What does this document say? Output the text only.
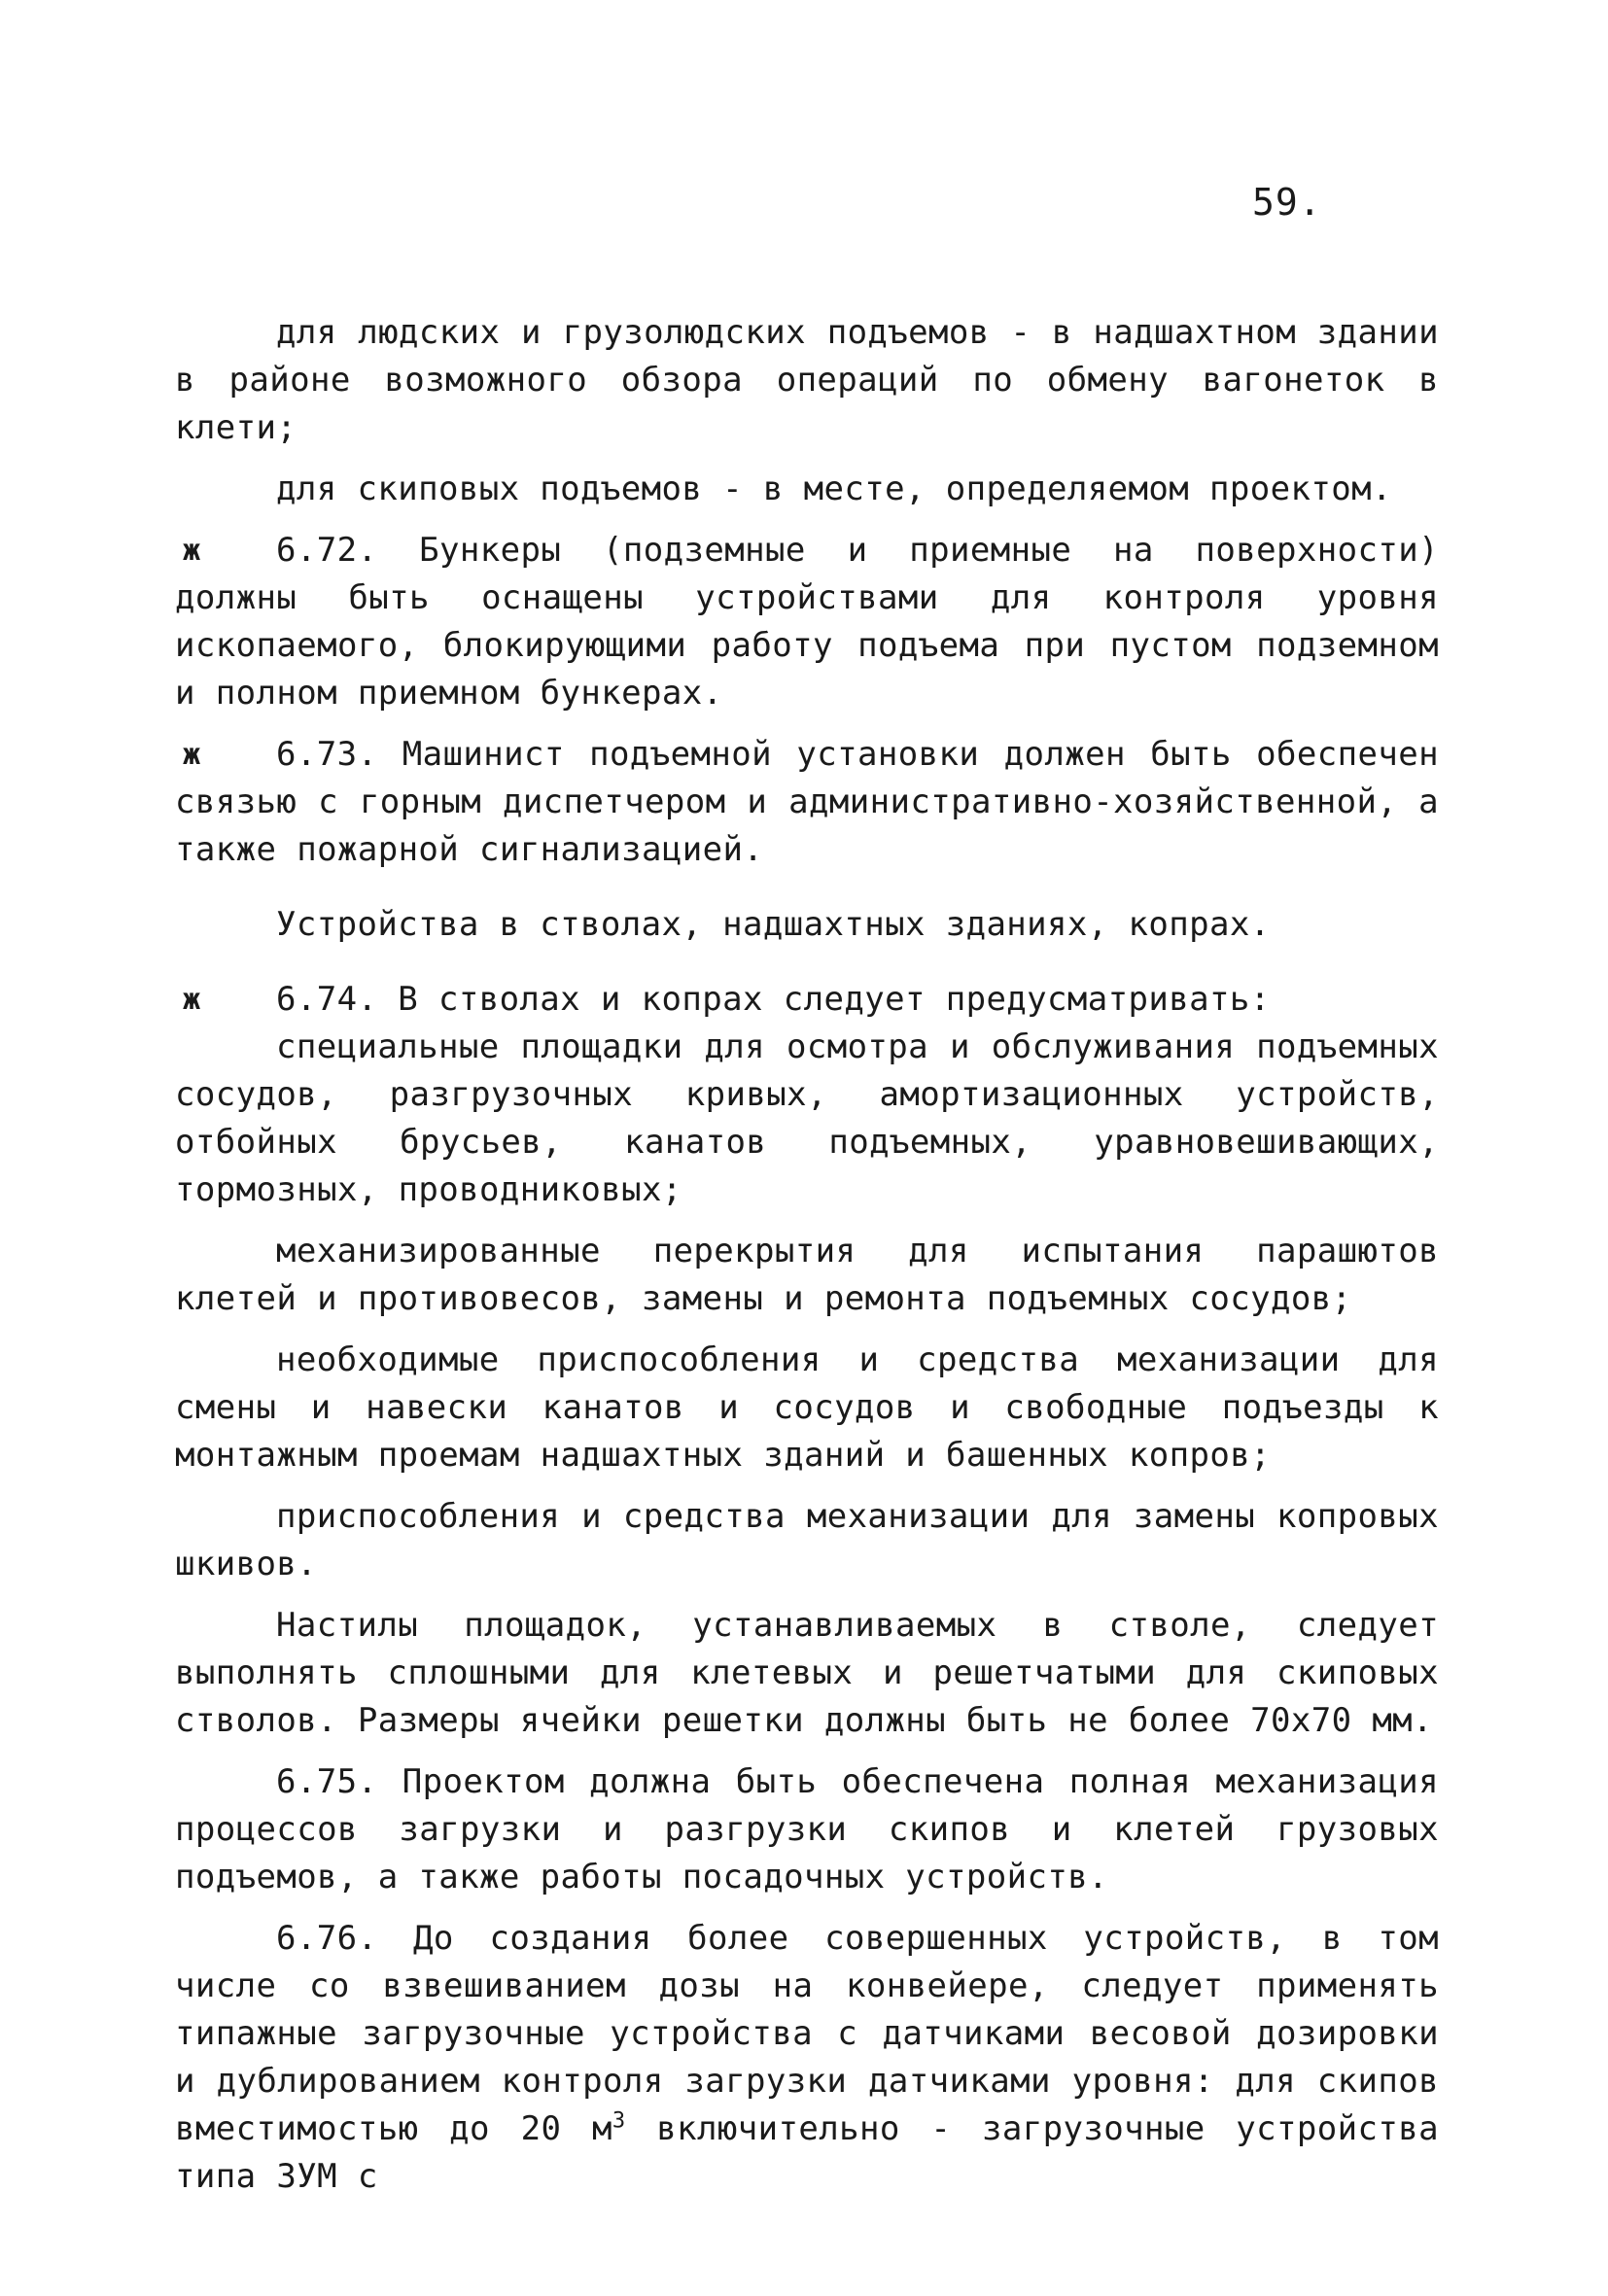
59.

для людских и грузолюдских подъемов - в надшахтном здании в районе возможного обзора операций по обмену вагонеток в клети;

для скиповых подъемов - в месте, определяемом проектом.

ж 6.72. Бункеры (подземные и приемные на поверхности) должны быть оснащены устройствами для контроля уровня ископаемого, блокирующими работу подъема при пустом подземном и полном приемном бункерах.

ж 6.73. Машинист подъемной установки должен быть обеспечен связью с горным диспетчером и административно-хозяйственной, а также пожарной сигнализацией.

Устройства в стволах, надшахтных зданиях, копрах.

ж 6.74. В стволах и копрах следует предусматривать:

специальные площадки для осмотра и обслуживания подъемных сосудов, разгрузочных кривых, амортизационных устройств, отбойных брусьев, канатов подъемных, уравновешивающих, тормозных, проводниковых;

механизированные перекрытия для испытания парашютов клетей и противовесов, замены и ремонта подъемных сосудов;

необходимые приспособления и средства механизации для смены и навески канатов и сосудов и свободные подъезды к монтажным проемам надшахтных зданий и башенных копров;

приспособления и средства механизации для замены копровых шкивов.

Настилы площадок, устанавливаемых в стволе, следует выполнять сплошными для клетевых и решетчатыми для скиповых стволов. Размеры ячейки решетки должны быть не более 70х70 мм.

6.75. Проектом должна быть обеспечена полная механизация процессов загрузки и разгрузки скипов и клетей грузовых подъемов, а также работы посадочных устройств.

6.76. До создания более совершенных устройств, в том числе со взвешиванием дозы на конвейере, следует применять типажные загрузочные устройства с датчиками весовой дозировки и дублированием контроля загрузки датчиками уровня: для скипов вместимостью до 20 $м^3$ включительно - загрузочные устройства типа ЗУМ с
